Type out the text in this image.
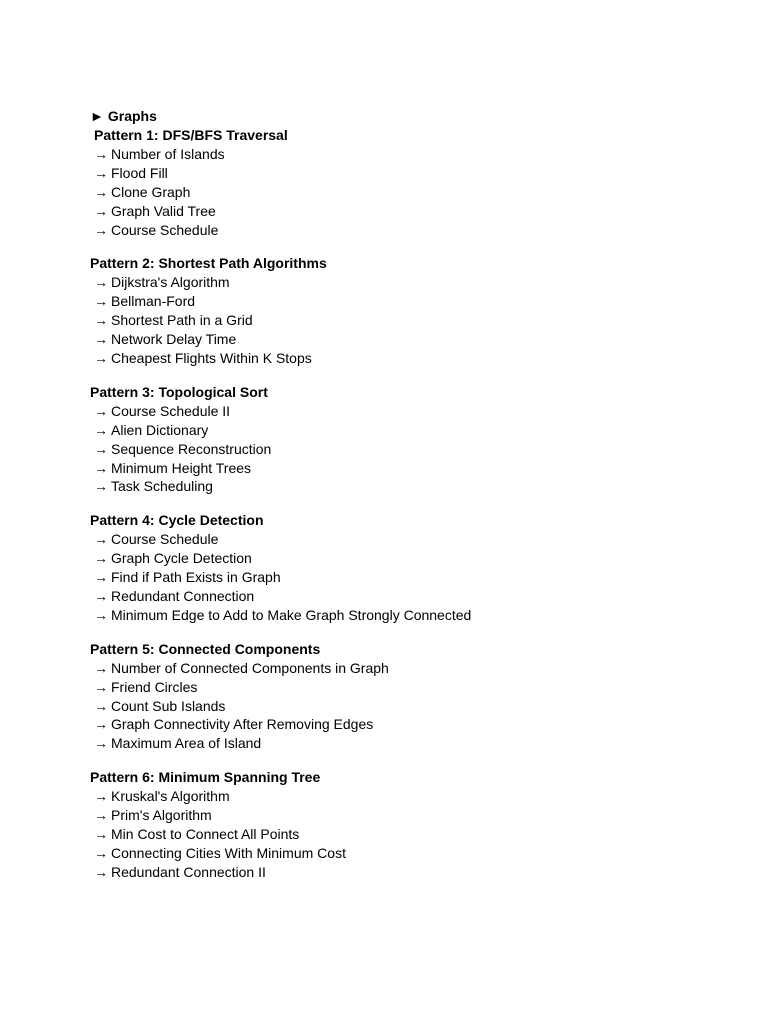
► Graphs
Pattern 1: DFS/BFS Traversal
→ Number of Islands
→ Flood Fill
→ Clone Graph
→ Graph Valid Tree
→ Course Schedule
Pattern 2: Shortest Path Algorithms
→ Dijkstra's Algorithm
→ Bellman-Ford
→ Shortest Path in a Grid
→ Network Delay Time
→ Cheapest Flights Within K Stops
Pattern 3: Topological Sort
→ Course Schedule II
→ Alien Dictionary
→ Sequence Reconstruction
→ Minimum Height Trees
→ Task Scheduling
Pattern 4: Cycle Detection
→ Course Schedule
→ Graph Cycle Detection
→ Find if Path Exists in Graph
→ Redundant Connection
→ Minimum Edge to Add to Make Graph Strongly Connected
Pattern 5: Connected Components
→ Number of Connected Components in Graph
→ Friend Circles
→ Count Sub Islands
→ Graph Connectivity After Removing Edges
→ Maximum Area of Island
Pattern 6: Minimum Spanning Tree
→ Kruskal's Algorithm
→ Prim's Algorithm
→ Min Cost to Connect All Points
→ Connecting Cities With Minimum Cost
→ Redundant Connection II
